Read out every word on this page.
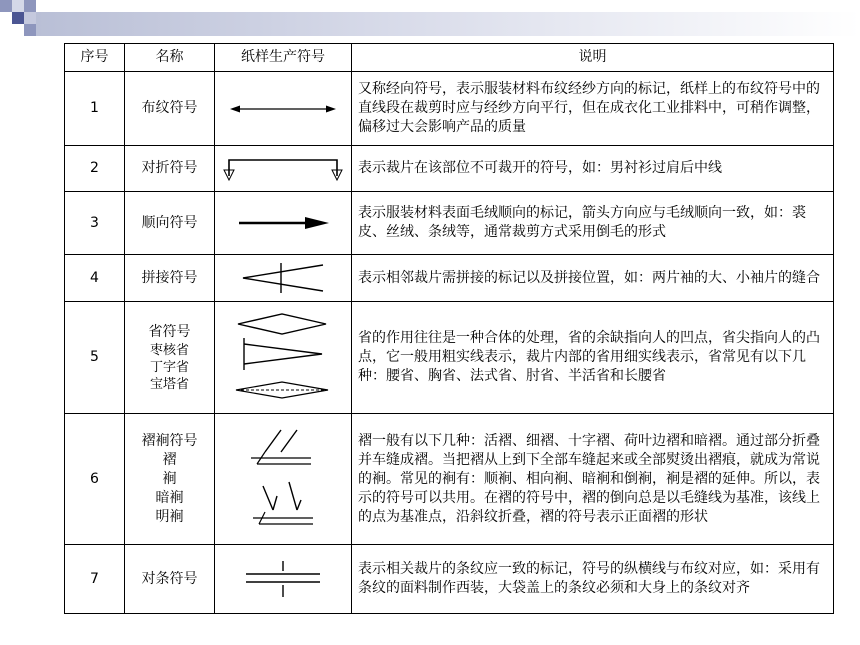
序号	名称	纸样生产符号	说明
1	布纹符号		又称经向符号，表示服装材料布纹经纱方向的标记，纸样上的布纹符号中的直线段在裁剪时应与经纱方向平行，但在成衣化工业排料中，可稍作调整，偏移过大会影响产品的质量
2	对折符号		表示裁片在该部位不可裁开的符号，如：男衬衫过肩后中线
3	顺向符号		表示服装材料表面毛绒顺向的标记，箭头方向应与毛绒顺向一致，如：裘皮、丝绒、条绒等，通常裁剪方式采用倒毛的形式
4	拼接符号		表示相邻裁片需拼接的标记以及拼接位置，如：两片袖的大、小袖片的缝合
5	省符号
枣核省
丁字省
宝塔省		省的作用往往是一种合体的处理，省的余缺指向人的凹点，省尖指向人的凸点，它一般用粗实线表示，裁片内部的省用细实线表示，省常见有以下几种：腰省、胸省、法式省、肘省、半活省和长腰省
6	褶裥符号
褶
裥
暗裥
明裥		褶一般有以下几种：活褶、细褶、十字褶、荷叶边褶和暗褶。通过部分折叠并车缝成褶。当把褶从上到下全部车缝起来或全部熨烫出褶痕，就成为常说的裥。常见的裥有：顺裥、相向裥、暗裥和倒裥，裥是褶的延伸。所以，表示的符号可以共用。在褶的符号中，褶的倒向总是以毛缝线为基准，该线上的点为基准点，沿斜纹折叠，褶的符号表示正面褶的形状
7	对条符号		表示相关裁片的条纹应一致的标记，符号的纵横线与布纹对应，如：采用有条纹的面料制作西装，大袋盖上的条纹必须和大身上的条纹对齐
